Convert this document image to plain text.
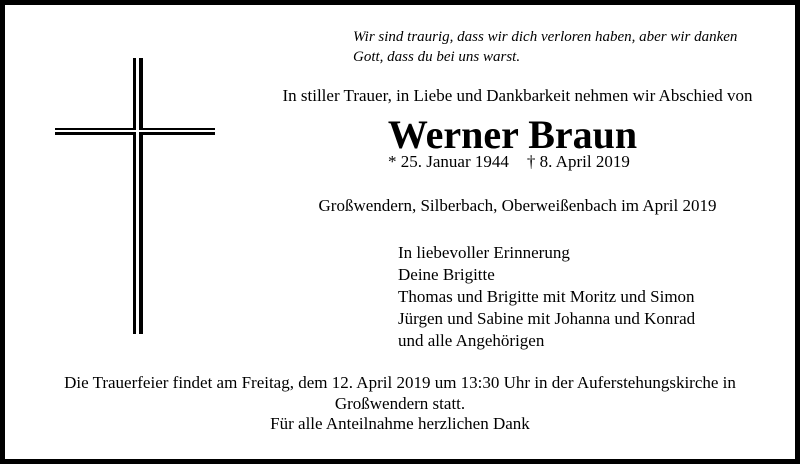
Wir sind traurig, dass wir dich verloren haben, aber wir danken
Gott, dass du bei uns warst.
In stiller Trauer, in Liebe und Dankbarkeit nehmen wir Abschied von
Werner Braun
* 25. Januar 1944 † 8. April 2019
Großwendern, Silberbach, Oberweißenbach im April 2019
In liebevoller Erinnerung
Deine Brigitte
Thomas und Brigitte mit Moritz und Simon
Jürgen und Sabine mit Johanna und Konrad
und alle Angehörigen
Die Trauerfeier findet am Freitag, dem 12. April 2019 um 13:30 Uhr in der Auferstehungskirche in
Großwendern statt.
Für alle Anteilnahme herzlichen Dank
